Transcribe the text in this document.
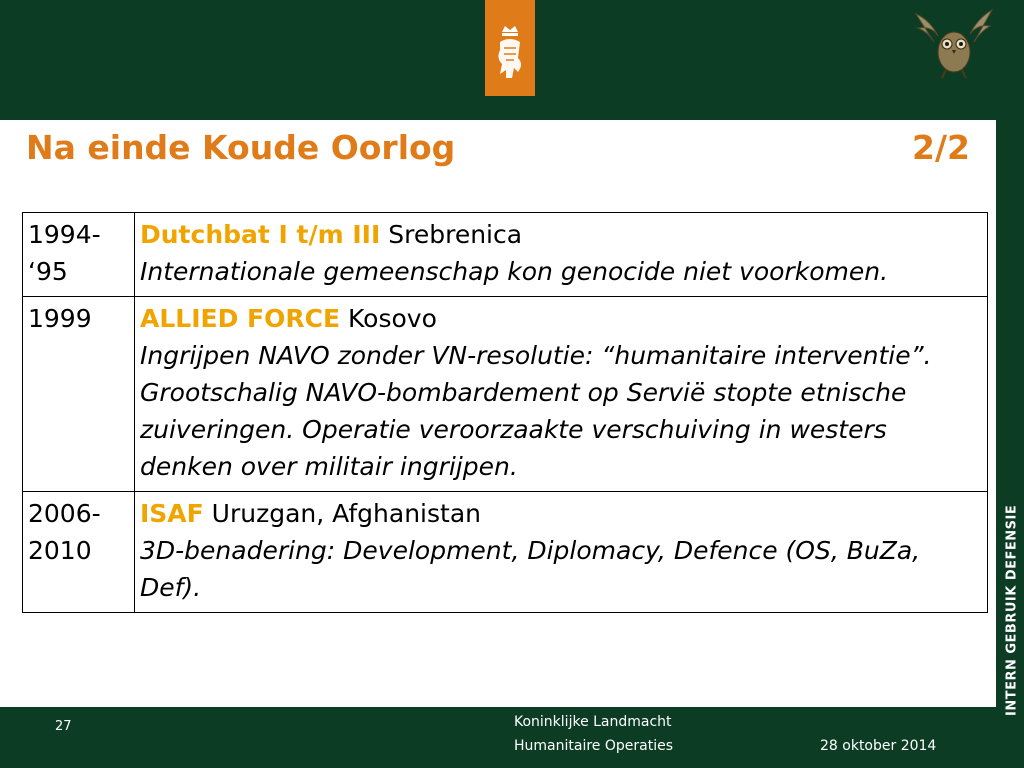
INTERN GEBRUIK DEFENSIE
Na einde Koude Oorlog	2/2
1994-
‘95	Dutchbat I t/m III Srebrenica
Internationale gemeenschap kon genocide niet voorkomen.

1999	ALLIED FORCE Kosovo
Ingrijpen NAVO zonder VN-resolutie: “humanitaire interventie”. Grootschalig NAVO-bombardement op Servië stopte etnische zuiveringen. Operatie veroorzaakte verschuiving in westers denken over militair ingrijpen.

2006-
2010	ISAF Uruzgan, Afghanistan
3D-benadering: Development, Diplomacy, Defence (OS, BuZa, Def).
27	Koninklijke Landmacht
Humanitaire Operaties	28 oktober 2014
